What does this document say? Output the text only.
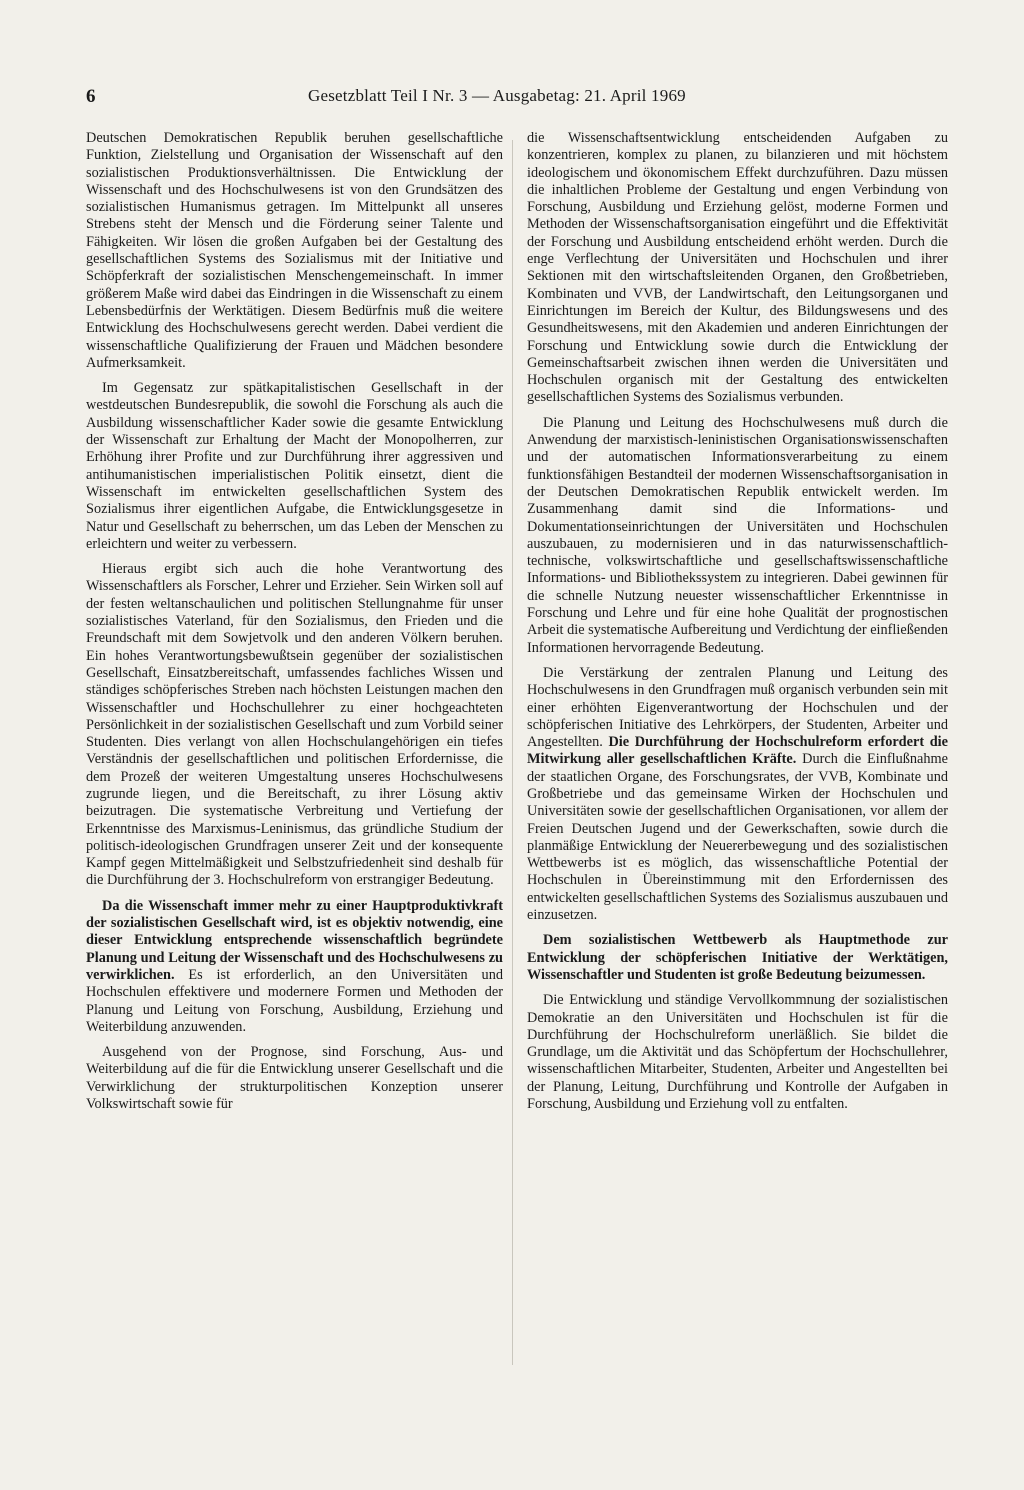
6	Gesetzblatt Teil I Nr. 3 — Ausgabetag: 21. April 1969

Deutschen Demokratischen Republik beruhen gesellschaftliche Funktion, Zielstellung und Organisation der Wissenschaft auf den sozialistischen Produktionsverhältnissen. Die Entwicklung der Wissenschaft und des Hochschulwesens ist von den Grundsätzen des sozialistischen Humanismus getragen. Im Mittelpunkt all unseres Strebens steht der Mensch und die Förderung seiner Talente und Fähigkeiten. Wir lösen die großen Aufgaben bei der Gestaltung des gesellschaftlichen Systems des Sozialismus mit der Initiative und Schöpferkraft der sozialistischen Menschengemeinschaft. In immer größerem Maße wird dabei das Eindringen in die Wissenschaft zu einem Lebensbedürfnis der Werktätigen. Diesem Bedürfnis muß die weitere Entwicklung des Hochschulwesens gerecht werden. Dabei verdient die wissenschaftliche Qualifizierung der Frauen und Mädchen besondere Aufmerksamkeit.

Im Gegensatz zur spätkapitalistischen Gesellschaft in der westdeutschen Bundesrepublik, die sowohl die Forschung als auch die Ausbildung wissenschaftlicher Kader sowie die gesamte Entwicklung der Wissenschaft zur Erhaltung der Macht der Monopolherren, zur Erhöhung ihrer Profite und zur Durchführung ihrer aggressiven und antihumanistischen imperialistischen Politik einsetzt, dient die Wissenschaft im entwickelten gesellschaftlichen System des Sozialismus ihrer eigentlichen Aufgabe, die Entwicklungsgesetze in Natur und Gesellschaft zu beherrschen, um das Leben der Menschen zu erleichtern und weiter zu verbessern.

Hieraus ergibt sich auch die hohe Verantwortung des Wissenschaftlers als Forscher, Lehrer und Erzieher. Sein Wirken soll auf der festen weltanschaulichen und politischen Stellungnahme für unser sozialistisches Vaterland, für den Sozialismus, den Frieden und die Freundschaft mit dem Sowjetvolk und den anderen Völkern beruhen. Ein hohes Verantwortungsbewußtsein gegenüber der sozialistischen Gesellschaft, Einsatzbereitschaft, umfassendes fachliches Wissen und ständiges schöpferisches Streben nach höchsten Leistungen machen den Wissenschaftler und Hochschullehrer zu einer hochgeachteten Persönlichkeit in der sozialistischen Gesellschaft und zum Vorbild seiner Studenten. Dies verlangt von allen Hochschulangehörigen ein tiefes Verständnis der gesellschaftlichen und politischen Erfordernisse, die dem Prozeß der weiteren Umgestaltung unseres Hochschulwesens zugrunde liegen, und die Bereitschaft, zu ihrer Lösung aktiv beizutragen. Die systematische Verbreitung und Vertiefung der Erkenntnisse des Marxismus-Leninismus, das gründliche Studium der politisch-ideologischen Grundfragen unserer Zeit und der konsequente Kampf gegen Mittelmäßigkeit und Selbstzufriedenheit sind deshalb für die Durchführung der 3. Hochschulreform von erstrangiger Bedeutung.

Da die Wissenschaft immer mehr zu einer Hauptproduktivkraft der sozialistischen Gesellschaft wird, ist es objektiv notwendig, eine dieser Entwicklung entsprechende wissenschaftlich begründete Planung und Leitung der Wissenschaft und des Hochschulwesens zu verwirklichen. Es ist erforderlich, an den Universitäten und Hochschulen effektivere und modernere Formen und Methoden der Planung und Leitung von Forschung, Ausbildung, Erziehung und Weiterbildung anzuwenden.

Ausgehend von der Prognose, sind Forschung, Aus- und Weiterbildung auf die für die Entwicklung unserer Gesellschaft und die Verwirklichung der strukturpolitischen Konzeption unserer Volkswirtschaft sowie für

die Wissenschaftsentwicklung entscheidenden Aufgaben zu konzentrieren, komplex zu planen, zu bilanzieren und mit höchstem ideologischem und ökonomischem Effekt durchzuführen. Dazu müssen die inhaltlichen Probleme der Gestaltung und engen Verbindung von Forschung, Ausbildung und Erziehung gelöst, moderne Formen und Methoden der Wissenschaftsorganisation eingeführt und die Effektivität der Forschung und Ausbildung entscheidend erhöht werden. Durch die enge Verflechtung der Universitäten und Hochschulen und ihrer Sektionen mit den wirtschaftsleitenden Organen, den Großbetrieben, Kombinaten und VVB, der Landwirtschaft, den Leitungsorganen und Einrichtungen im Bereich der Kultur, des Bildungswesens und des Gesundheitswesens, mit den Akademien und anderen Einrichtungen der Forschung und Entwicklung sowie durch die Entwicklung der Gemeinschaftsarbeit zwischen ihnen werden die Universitäten und Hochschulen organisch mit der Gestaltung des entwickelten gesellschaftlichen Systems des Sozialismus verbunden.

Die Planung und Leitung des Hochschulwesens muß durch die Anwendung der marxistisch-leninistischen Organisationswissenschaften und der automatischen Informationsverarbeitung zu einem funktionsfähigen Bestandteil der modernen Wissenschaftsorganisation in der Deutschen Demokratischen Republik entwickelt werden. Im Zusammenhang damit sind die Informations- und Dokumentationseinrichtungen der Universitäten und Hochschulen auszubauen, zu modernisieren und in das naturwissenschaftlich-technische, volkswirtschaftliche und gesellschaftswissenschaftliche Informations- und Bibliothekssystem zu integrieren. Dabei gewinnen für die schnelle Nutzung neuester wissenschaftlicher Erkenntnisse in Forschung und Lehre und für eine hohe Qualität der prognostischen Arbeit die systematische Aufbereitung und Verdichtung der einfließenden Informationen hervorragende Bedeutung.

Die Verstärkung der zentralen Planung und Leitung des Hochschulwesens in den Grundfragen muß organisch verbunden sein mit einer erhöhten Eigenverantwortung der Hochschulen und der schöpferischen Initiative des Lehrkörpers, der Studenten, Arbeiter und Angestellten. Die Durchführung der Hochschulreform erfordert die Mitwirkung aller gesellschaftlichen Kräfte. Durch die Einflußnahme der staatlichen Organe, des Forschungsrates, der VVB, Kombinate und Großbetriebe und das gemeinsame Wirken der Hochschulen und Universitäten sowie der gesellschaftlichen Organisationen, vor allem der Freien Deutschen Jugend und der Gewerkschaften, sowie durch die planmäßige Entwicklung der Neuererbewegung und des sozialistischen Wettbewerbs ist es möglich, das wissenschaftliche Potential der Hochschulen in Übereinstimmung mit den Erfordernissen des entwickelten gesellschaftlichen Systems des Sozialismus auszubauen und einzusetzen.

Dem sozialistischen Wettbewerb als Hauptmethode zur Entwicklung der schöpferischen Initiative der Werktätigen, Wissenschaftler und Studenten ist große Bedeutung beizumessen.

Die Entwicklung und ständige Vervollkommnung der sozialistischen Demokratie an den Universitäten und Hochschulen ist für die Durchführung der Hochschulreform unerläßlich. Sie bildet die Grundlage, um die Aktivität und das Schöpfertum der Hochschullehrer, wissenschaftlichen Mitarbeiter, Studenten, Arbeiter und Angestellten bei der Planung, Leitung, Durchführung und Kontrolle der Aufgaben in Forschung, Ausbildung und Erziehung voll zu entfalten.
